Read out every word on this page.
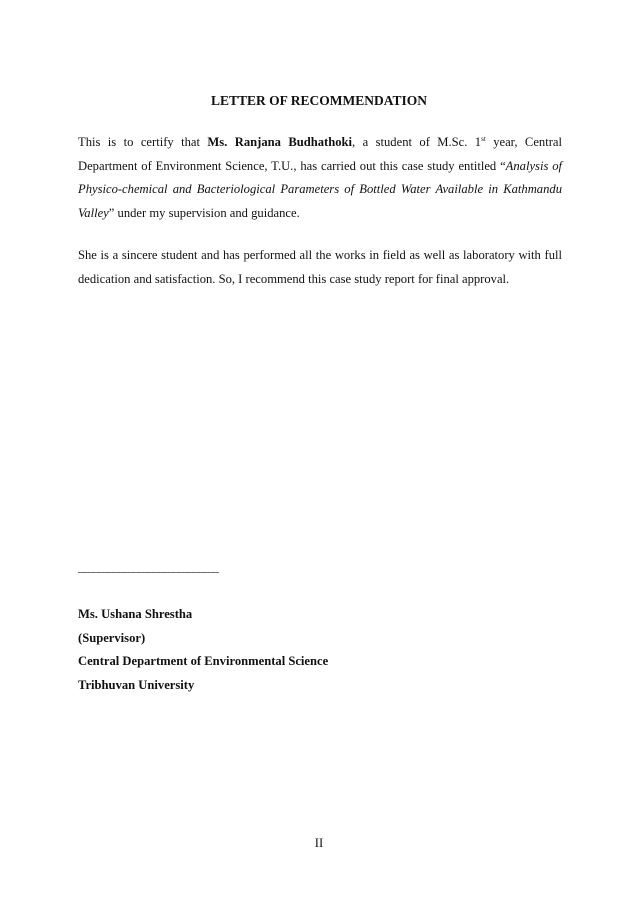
LETTER OF RECOMMENDATION
This is to certify that Ms. Ranjana Budhathoki, a student of M.Sc. 1st year, Central Department of Environment Science, T.U., has carried out this case study entitled “Analysis of Physico-chemical and Bacteriological Parameters of Bottled Water Available in Kathmandu Valley” under my supervision and guidance.
She is a sincere student and has performed all the works in field as well as laboratory with full dedication and satisfaction. So, I recommend this case study report for final approval.
____________________________
Ms. Ushana Shrestha
(Supervisor)
Central Department of Environmental Science
Tribhuvan University
II
